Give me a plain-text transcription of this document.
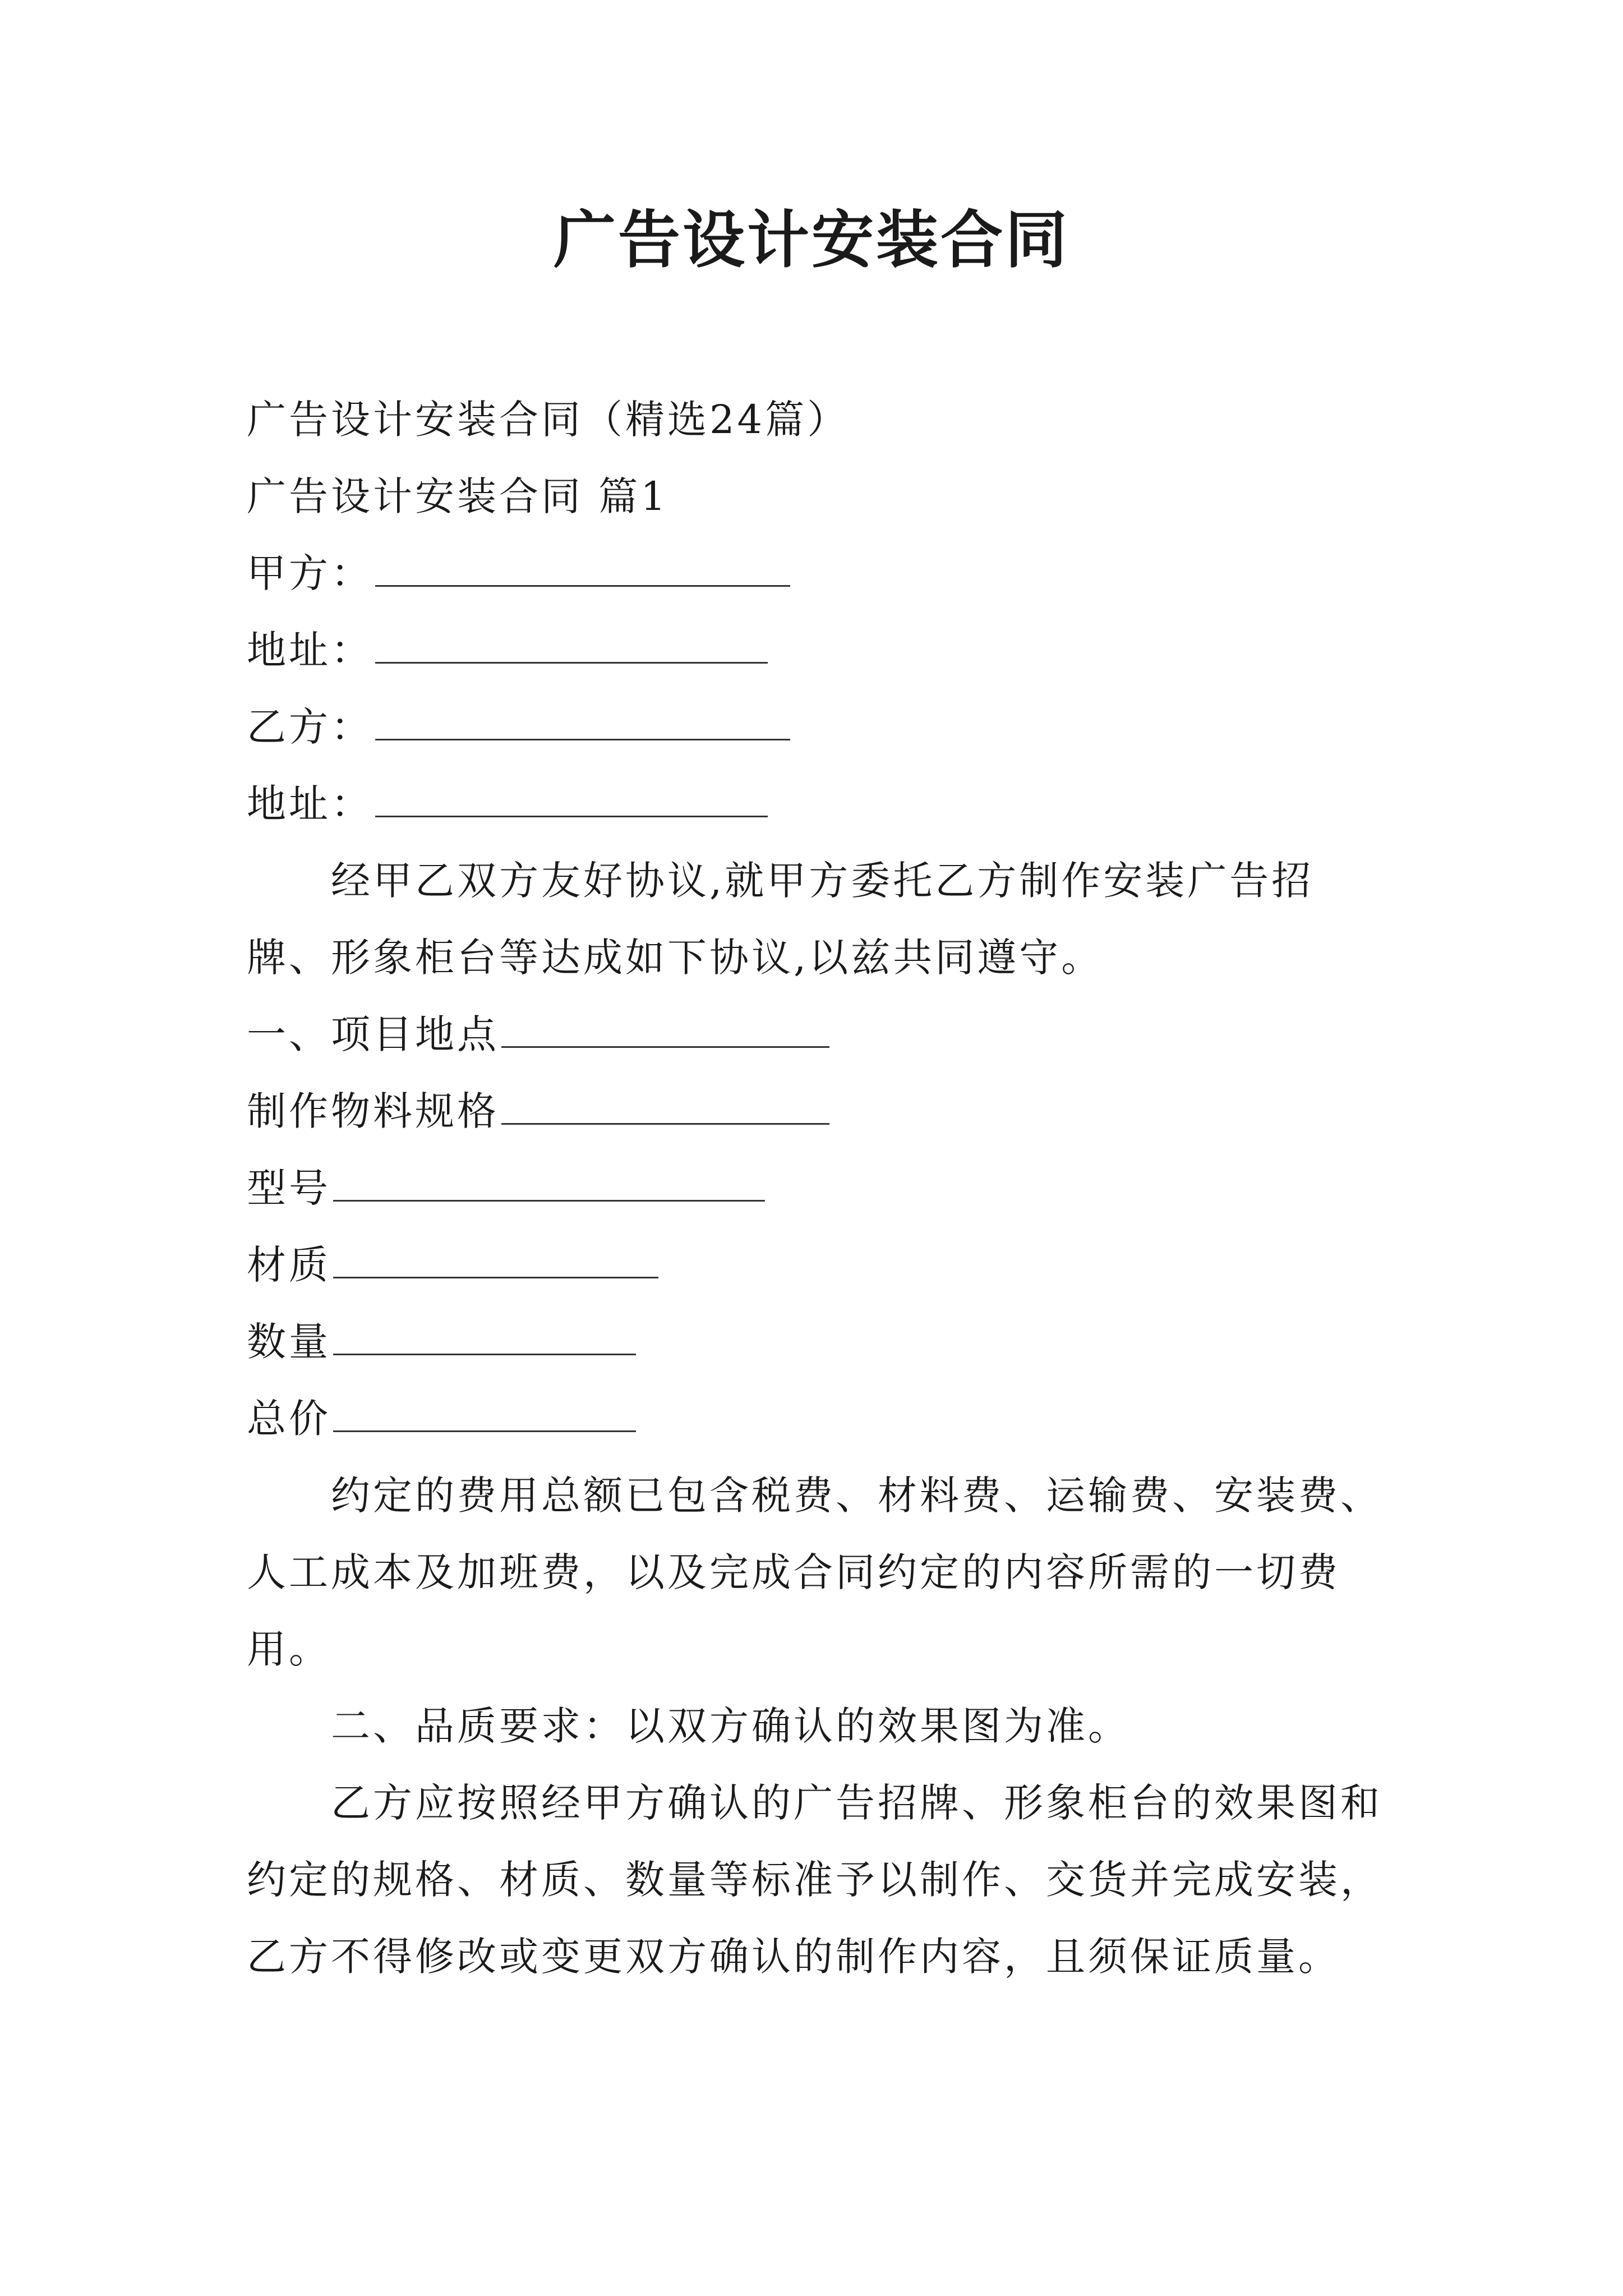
广告设计安装合同
广告设计安装合同（精选24篇）
广告设计安装合同 篇1
甲方：
地址：
乙方：
地址：
经甲乙双方友好协议,就甲方委托乙方制作安装广告招牌、形象柜台等达成如下协议,以兹共同遵守。
一、项目地点
制作物料规格
型号
材质
数量
总价
约定的费用总额已包含税费、材料费、运输费、安装费、人工成本及加班费，以及完成合同约定的内容所需的一切费用。
二、品质要求：以双方确认的效果图为准。
乙方应按照经甲方确认的广告招牌、形象柜台的效果图和约定的规格、材质、数量等标准予以制作、交货并完成安装，乙方不得修改或变更双方确认的制作内容，且须保证质量。
